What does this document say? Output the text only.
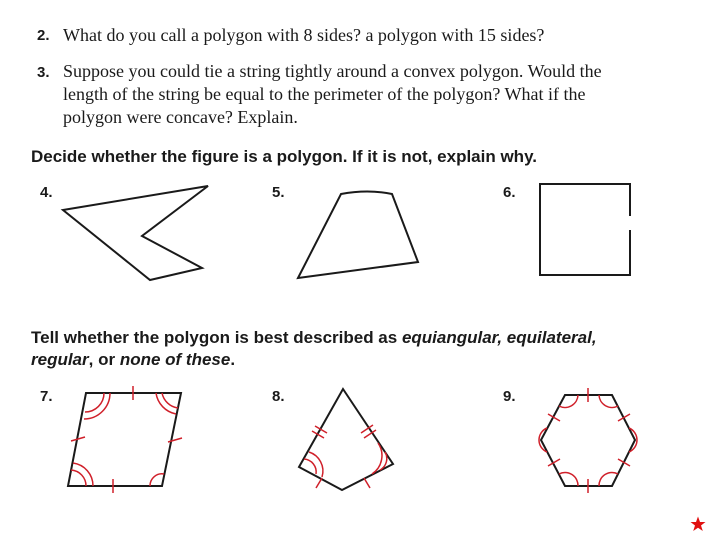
2. What do you call a polygon with 8 sides? a polygon with 15 sides?
3. Suppose you could tie a string tightly around a convex polygon. Would the
length of the string be equal to the perimeter of the polygon? What if the
polygon were concave? Explain.
Decide whether the figure is a polygon. If it is not, explain why.
4.	5.	6.
Tell whether the polygon is best described as equiangular, equilateral,
regular, or none of these.
7.	8.	9.
